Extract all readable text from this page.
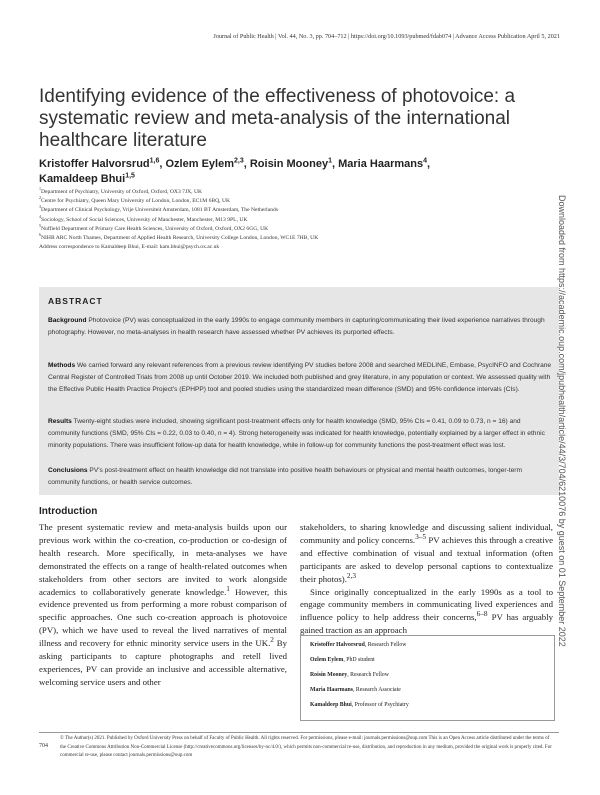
Journal of Public Health | Vol. 44, No. 3, pp. 704–712 | https://doi.org/10.1093/pubmed/fdab074 | Advance Access Publication April 5, 2021
Identifying evidence of the effectiveness of photovoice: a systematic review and meta-analysis of the international healthcare literature
Kristoffer Halvorsrud$^{1,6}$, Ozlem Eylem$^{2,3}$, Roisin Mooney$^1$, Maria Haarmans$^4$,
Kamaldeep Bhui$^{1,5}$
$^1$Department of Psychiatry, University of Oxford, Oxford, OX3 7JX, UK
$^2$Centre for Psychiatry, Queen Mary University of London, London, EC1M 6BQ, UK
$^3$Department of Clinical Psychology, Vrije Universiteit Amsterdam, 1081 BT Amsterdam, The Netherlands
$^4$Sociology, School of Social Sciences, University of Manchester, Manchester, M13 9PL, UK
$^5$Nuffield Department of Primary Care Health Sciences, University of Oxford, Oxford, OX2 6GG, UK
$^6$NIHR ARC North Thames, Department of Applied Health Research, University College London, London, WC1E 7HB, UK
Address correspondence to Kamaldeep Bhui, E-mail: kam.bhui@psych.ox.ac.uk
ABSTRACT
Background Photovoice (PV) was conceptualized in the early 1990s to engage community members in capturing/communicating their lived experience narratives through photography. However, no meta-analyses in health research have assessed whether PV achieves its purported effects.
Methods We carried forward any relevant references from a previous review identifying PV studies before 2008 and searched MEDLINE, Embase, PsycINFO and Cochrane Central Register of Controlled Trials from 2008 up until October 2019. We included both published and grey literature, in any population or context. We assessed quality with the Effective Public Health Practice Project's (EPHPP) tool and pooled studies using the standardized mean difference (SMD) and 95% confidence intervals (CIs).
Results Twenty-eight studies were included, showing significant post-treatment effects only for health knowledge (SMD, 95% CIs = 0.41, 0.09 to 0.73, n = 16) and community functions (SMD, 95% CIs = 0.22, 0.03 to 0.40, n = 4). Strong heterogeneity was indicated for health knowledge, potentially explained by a larger effect in ethnic minority populations. There was insufficient follow-up data for health knowledge, while in follow-up for community functions the post-treatment effect was lost.
Conclusions PV's post-treatment effect on health knowledge did not translate into positive health behaviours or physical and mental health outcomes, longer-term community functions, or health service outcomes.
Introduction
The present systematic review and meta-analysis builds upon our previous work within the co-creation, co-production or co-design of health research. More specifically, in meta-analyses we have demonstrated the effects on a range of health-related outcomes when stakeholders from other sectors are invited to work alongside academics to collaboratively generate knowledge.$^1$ However, this evidence prevented us from performing a more robust comparison of specific approaches. One such co-creation approach is photovoice (PV), which we have used to reveal the lived narratives of mental illness and recovery for ethnic minority service users in the UK.$^2$ By asking participants to capture photographs and retell lived experiences, PV can provide an inclusive and accessible alternative, welcoming service users and other
stakeholders, to sharing knowledge and discussing salient individual, community and policy concerns.$^{3-5}$ PV achieves this through a creative and effective combination of visual and textual information (often participants are asked to develop personal captions to contextualize their photos).$^{2,3}$
Since originally conceptualized in the early 1990s as a tool to engage community members in communicating lived experiences and influence policy to help address their concerns,$^{6-8}$ PV has arguably gained traction as an approach
Kristoffer Halvorsrud, Research Fellow
Ozlem Eylem, PhD student
Roisin Mooney, Research Fellow
Maria Haarmans, Research Associate
Kamaldeep Bhui, Professor of Psychiatry
704
© The Author(s) 2021. Published by Oxford University Press on behalf of Faculty of Public Health. All rights reserved. For permissions, please e-mail: journals.permissions@oup.com This is an Open Access article distributed under the terms of the Creative Commons Attribution Non-Commercial License (http://creativecommons.org/licenses/by-nc/4.0/), which permits non-commercial re-use, distribution, and reproduction in any medium, provided the original work is properly cited. For commercial re-use, please contact journals.permissions@oup.com
Downloaded from https://academic.oup.com/jpubhealth/article/44/3/704/6210076 by guest on 01 September 2022
